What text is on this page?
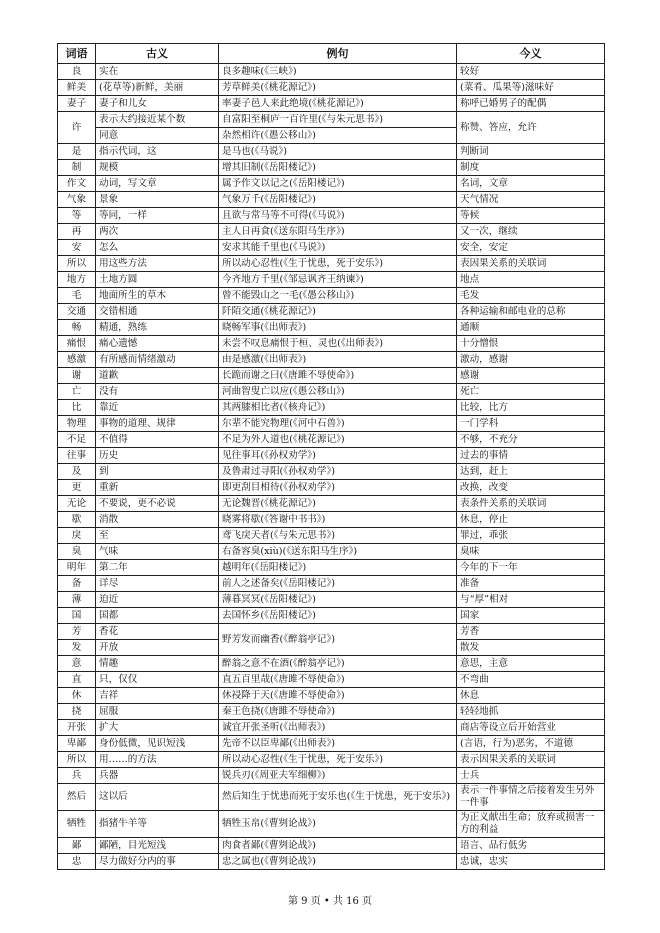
词语	古义	例句	今义
良	实在	良多趣味(《三峡》)	较好
鲜美	(花草等)新鲜，美丽	芳草鲜美(《桃花源记》)	(菜肴、瓜果等)滋味好
妻子	妻子和儿女	率妻子邑人来此绝境(《桃花源记》)	称呼已婚男子的配偶
许	表示大约接近某个数	自富阳至桐庐一百许里(《与朱元思书》)	称赞、答应，允许
	同意	杂然相许(《愚公移山》)	
是	指示代词，这	是马也(《马说》)	判断词
制	规模	增其旧制(《岳阳楼记》)	制度
作文	动词，写文章	属予作文以记之(《岳阳楼记》)	名词，文章
气象	景象	气象万千(《岳阳楼记》)	天气情况
等	等同，一样	且欲与常马等不可得(《马说》)	等候
再	两次	主人日再食(《送东阳马生序》)	又一次，继续
安	怎么	安求其能千里也(《马说》)	安全，安定
所以	用这些方法	所以动心忍性(《生于忧患，死于安乐》)	表因果关系的关联词
地方	土地方圆	今齐地方千里(《邹忌讽齐王纳谏》)	地点
毛	地面所生的草木	曾不能毁山之一毛(《愚公移山》)	毛发
交通	交错相通	阡陌交通(《桃花源记》)	各种运输和邮电业的总称
畅	精通，熟练	晓畅军事(《出师表》)	通顺
痛恨	痛心遗憾	未尝不叹息痛恨于桓、灵也(《出师表》)	十分憎恨
感激	有所感而情绪激动	由是感激(《出师表》)	激动，感谢
谢	道歉	长跪而谢之曰(《唐雎不辱使命》)	感谢
亡	没有	河曲智叟亡以应(《愚公移山》)	死亡
比	靠近	其两膝相比者(《核舟记》)	比较，比方
物理	事物的道理、规律	尔辈不能究物理(《河中石兽》)	一门学科
不足	不值得	不足为外人道也(《桃花源记》)	不够，不充分
往事	历史	见往事耳(《孙权劝学》)	过去的事情
及	到	及鲁肃过寻阳(《孙权劝学》)	达到，赶上
更	重新	即更刮目相待(《孙权劝学》)	改换，改变
无论	不要说，更不必说	无论魏晋(《桃花源记》)	表条件关系的关联词
歇	消散	晓雾将歇(《答谢中书书》)	休息，停止
戾	至	鸢飞戾天者(《与朱元思书》)	罪过，乖张
臭	气味	右备容臭(xiù)(《送东阳马生序》)	臭味
明年	第二年	越明年(《岳阳楼记》)	今年的下一年
备	详尽	前人之述备矣(《岳阳楼记》)	准备
薄	迫近	薄暮冥冥(《岳阳楼记》)	与“厚”相对
国	国都	去国怀乡(《岳阳楼记》)	国家
芳	香花	野芳发而幽香(《醉翁亭记》)	芳香
发	开放		散发
意	情趣	醉翁之意不在酒(《醉翁亭记》)	意思，主意
直	只，仅仅	直五百里哉(《唐雎不辱使命》)	不弯曲
休	吉祥	休祲降于天(《唐雎不辱使命》)	休息
挠	屈服	秦王色挠(《唐雎不辱使命》)	轻轻地抓
开张	扩大	诚宜开张圣听(《出师表》)	商店等设立后开始营业
卑鄙	身份低微，见识短浅	先帝不以臣卑鄙(《出师表》)	(言语，行为)恶劣，不道德
所以	用……的方法	所以动心忍性(《生于忧患，死于安乐》)	表示因果关系的关联词
兵	兵器	锐兵刃(《周亚夫军细柳》)	士兵
然后	这以后	然后知生于忧患而死于安乐也(《生于忧患，死于安乐》)	表示一件事情之后接着发生另外一件事
牺牲	指猪牛羊等	牺牲玉帛(《曹刿论战》)	为正义献出生命；放弃或损害一方的利益
鄙	鄙陋，目光短浅	肉食者鄙(《曹刿论战》)	语言、品行低劣
忠	尽力做好分内的事	忠之属也(《曹刿论战》)	忠诚，忠实
第 9 页 • 共 16 页
